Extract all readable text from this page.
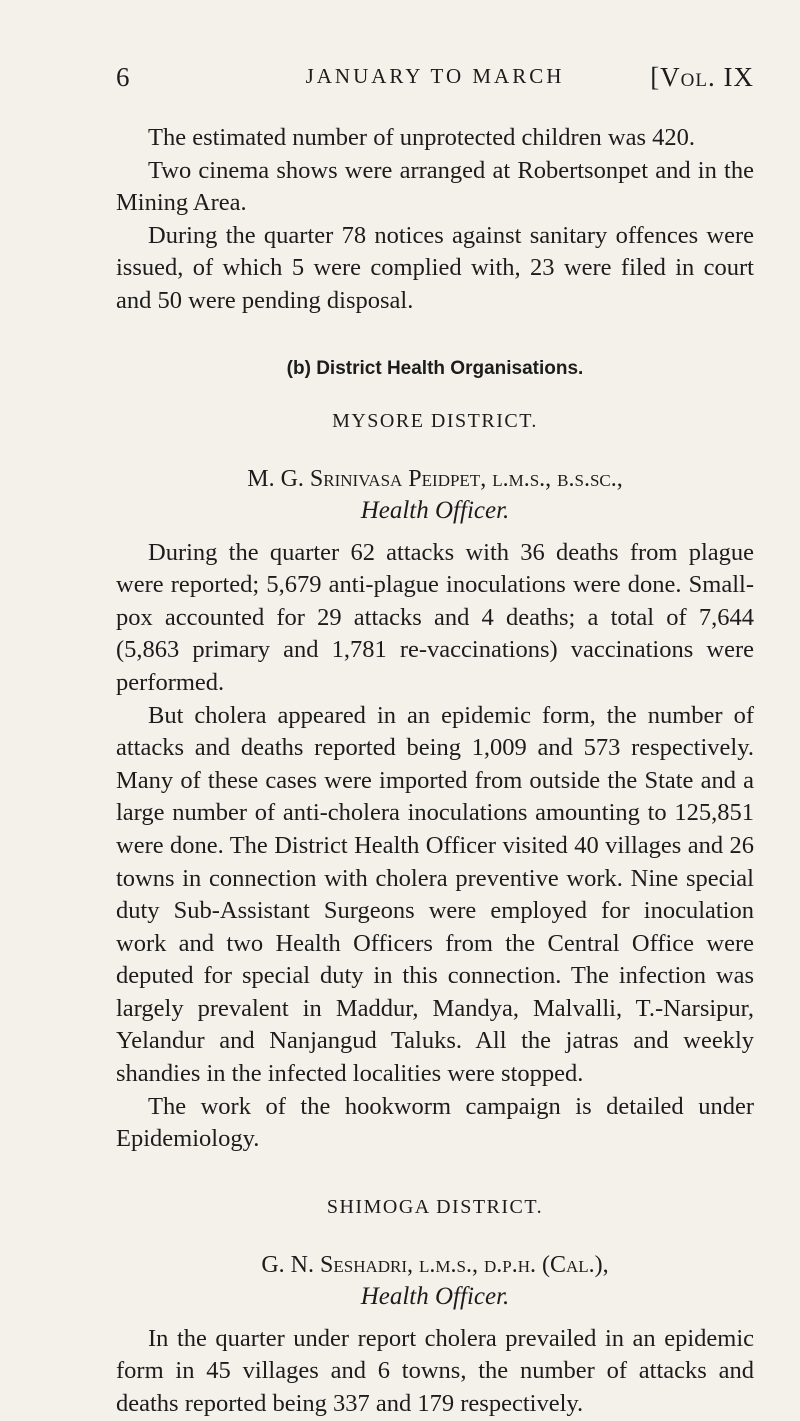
6	JANUARY TO MARCH	[Vol. IX

The estimated number of unprotected children was 420.

Two cinema shows were arranged at Robertsonpet and in the Mining Area.

During the quarter 78 notices against sanitary offences were issued, of which 5 were complied with, 23 were filed in court and 50 were pending disposal.

(b) District Health Organisations.
MYSORE DISTRICT.
M. G. Srinivasa Peidpet, l.m.s., b.s.sc.,
Health Officer.

During the quarter 62 attacks with 36 deaths from plague were reported; 5,679 anti-plague inoculations were done. Small-pox accounted for 29 attacks and 4 deaths; a total of 7,644 (5,863 primary and 1,781 re-vaccinations) vaccinations were performed.

But cholera appeared in an epidemic form, the number of attacks and deaths reported being 1,009 and 573 respectively. Many of these cases were imported from outside the State and a large number of anti-cholera inoculations amounting to 125,851 were done. The District Health Officer visited 40 villages and 26 towns in connection with cholera preventive work. Nine special duty Sub-Assistant Surgeons were employed for inoculation work and two Health Officers from the Central Office were deputed for special duty in this connection. The infection was largely prevalent in Maddur, Mandya, Malvalli, T.-Narsipur, Yelandur and Nanjangud Taluks. All the jatras and weekly shandies in the infected localities were stopped.

The work of the hookworm campaign is detailed under Epidemiology.

SHIMOGA DISTRICT.
G. N. Seshadri, l.m.s., d.p.h. (Cal.),
Health Officer.

In the quarter under report cholera prevailed in an epidemic form in 45 villages and 6 towns, the number of attacks and deaths reported being 337 and 179 respectively.
